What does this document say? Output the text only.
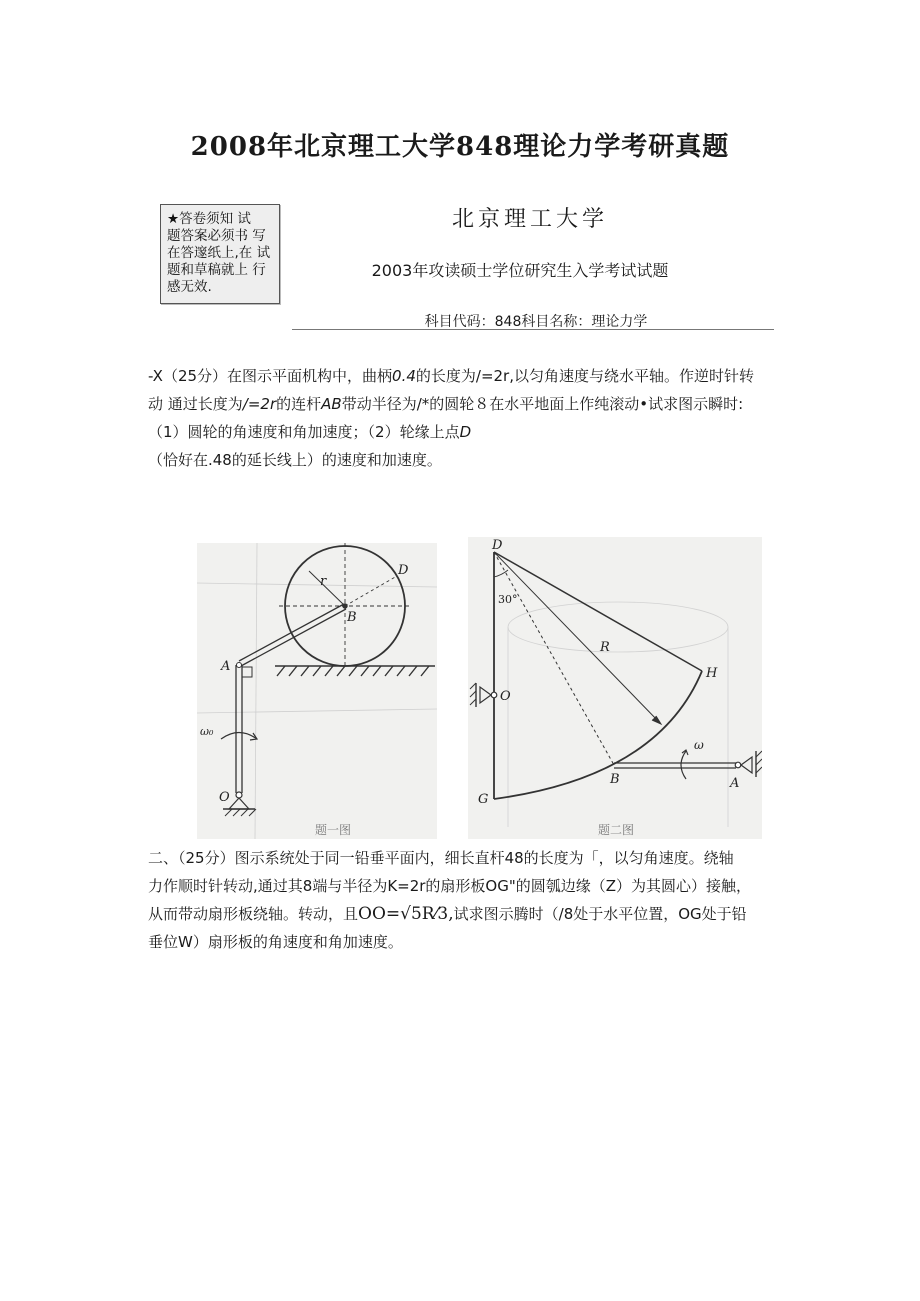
2008年北京理工大学848理论力学考研真题
★答卷须知 试
题答案必须书 写
在答邃纸上,在 试
题和草稿就上 行
感无效.
北京理工大学
2003年攻读硕士学位研究生入学考试试题
科目代码：848科目名称：理论力学
-X（25分）在图示平面机构中，曲柄0.4的长度为/=2r,以匀角速度与绕水平轴。作逆时针转
动 通过长度为/=2r的连杆AB带动半径为/*的圆轮８在水平地面上作纯滚动•试求图示瞬时:
（1）圆轮的角速度和角加速度；（2）轮缘上点D
（恰好在.48的延长线上）的速度和加速度。
r
D
B
A
ω₀
O
题一图
D
30°
R
H
O
ω
B	A
G
题二图
二、（25分）图示系统处于同一铅垂平面内，细长直杆48的长度为「，以匀角速度。绕轴
力作顺时针转动,通过其8端与半径为K=2r的扇形板OG"的圆瓠边缘（Z）为其圆心）接触，
从而带动扇形板绕轴。转动，且OO=√5R⁄3,试求图示腾时（/8处于水平位置，OG处于铅
垂位W）扇形板的角速度和角加速度。
